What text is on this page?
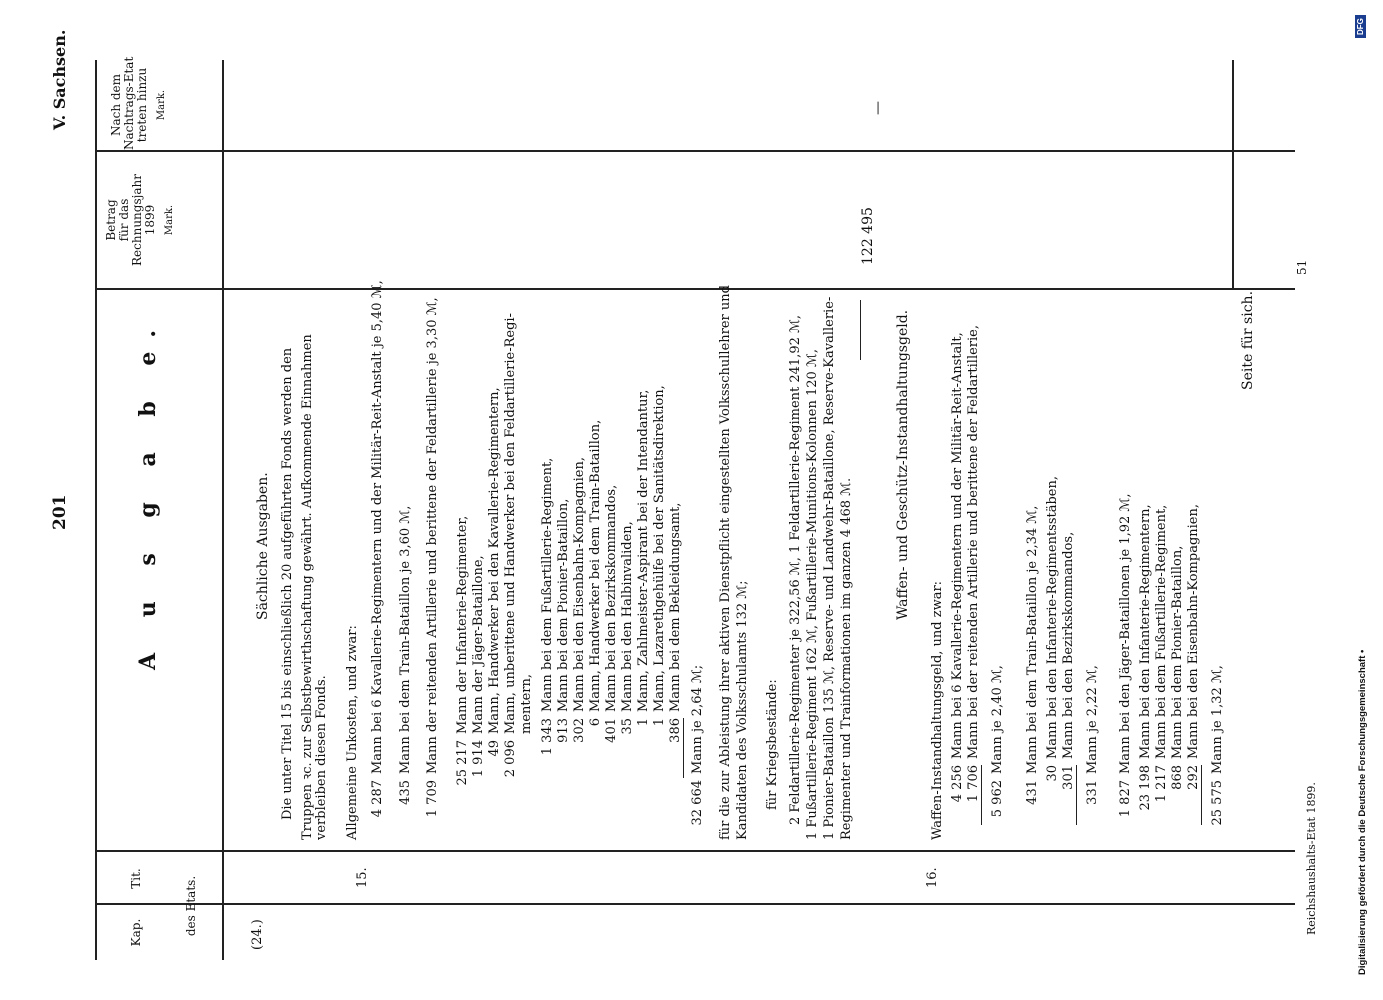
201
V. Sachsen.
Kap.
Tit.	des Etats.
A u s g a b e.
Betrag für das Rechnungsjahr 1899 Mark.
Nach dem Nachtrags-Etat treten hinzu Mark.
(24.)
15.	16.
Sächliche Ausgaben. Die unter Titel 15 bis einschließlich 20 aufgeführten Fonds werden den Truppen ꝛc. zur Selbstbewirthschaftung gewährt. Aufkommende Einnahmen verbleiben diesen Fonds. Allgemeine Unkosten, und zwar: 4 287Mann bei 6 Kavallerie-Regimentern und der Militär-Reit-Anstalt je 5,40 ℳ,
435Mann bei dem Train-Bataillon je 3,60 ℳ,
1 709Mann der reitenden Artillerie und berittene der Feldartillerie je 3,30 ℳ, 25 217Mann der Infanterie-Regimenter,
1 914Mann der Jäger-Bataillone,
49Mann, Handwerker bei den Kavallerie-Regimentern,
2 096Mann, unberittene und Handwerker bei den Feldartillerie-Regi- mentern,
1 343Mann bei dem Fußartillerie-Regiment,
913Mann bei dem Pionier-Bataillon,
302Mann bei den Eisenbahn-Kompagnien,
6Mann, Handwerker bei dem Train-Bataillon,
401Mann bei den Bezirkskommandos,
35Mann bei den Halbinvaliden,
1Mann, Zahlmeister-Aspirant bei der Intendantur,
1Mann, Lazarethgehülfe bei der Sanitätsdirektion,
386Mann bei dem Bekleidungsamt,
32 664Mann je 2,64 ℳ; für die zur Ableistung ihrer aktiven Dienstpflicht eingestellten Volksschullehrer und Kandidaten des Volksschulamts 132 ℳ; für Kriegsbestände: 2 Feldartillerie-Regimenter je 322,56 ℳ, 1 Feldartillerie-Regiment 241,92 ℳ, 1 Fußartillerie-Regiment 162 ℳ, Fußartillerie-Munitions-Kolonnen 120 ℳ, 1 Pionier-Bataillon 135 ℳ, Reserve- und Landwehr-Bataillone, Reserve-Kavallerie- Regimenter und Trainformationen im ganzen 4 468 ℳ.
122 495
—
Waffen- und Geschütz-Instandhaltungsgeld.
Waffen-Instandhaltungsgeld, und zwar: 4 256Mann bei 6 Kavallerie-Regimentern und der Militär-Reit-Anstalt,
1 706Mann bei der reitenden Artillerie und berittene der Feldartillerie,
5 962Mann je 2,40 ℳ,
431Mann bei dem Train-Bataillon je 2,34 ℳ, 30Mann bei den Infanterie-Regimentsstäben,
301Mann bei den Bezirkskommandos,
331Mann je 2,22 ℳ,
1 827Mann bei den Jäger-Bataillonen je 1,92 ℳ,
23 198Mann bei den Infanterie-Regimentern,
1 217Mann bei dem Fußartillerie-Regiment,
868Mann bei dem Pionier-Bataillon,
292Mann bei den Eisenbahn-Kompagnien,
25 575Mann je 1,32 ℳ,
Seite für sich.
Reichshaushalts-Etat 1899.
51
Digitalisierung gefördert durch die Deutsche Forschungsgemeinschaft •
DFG
